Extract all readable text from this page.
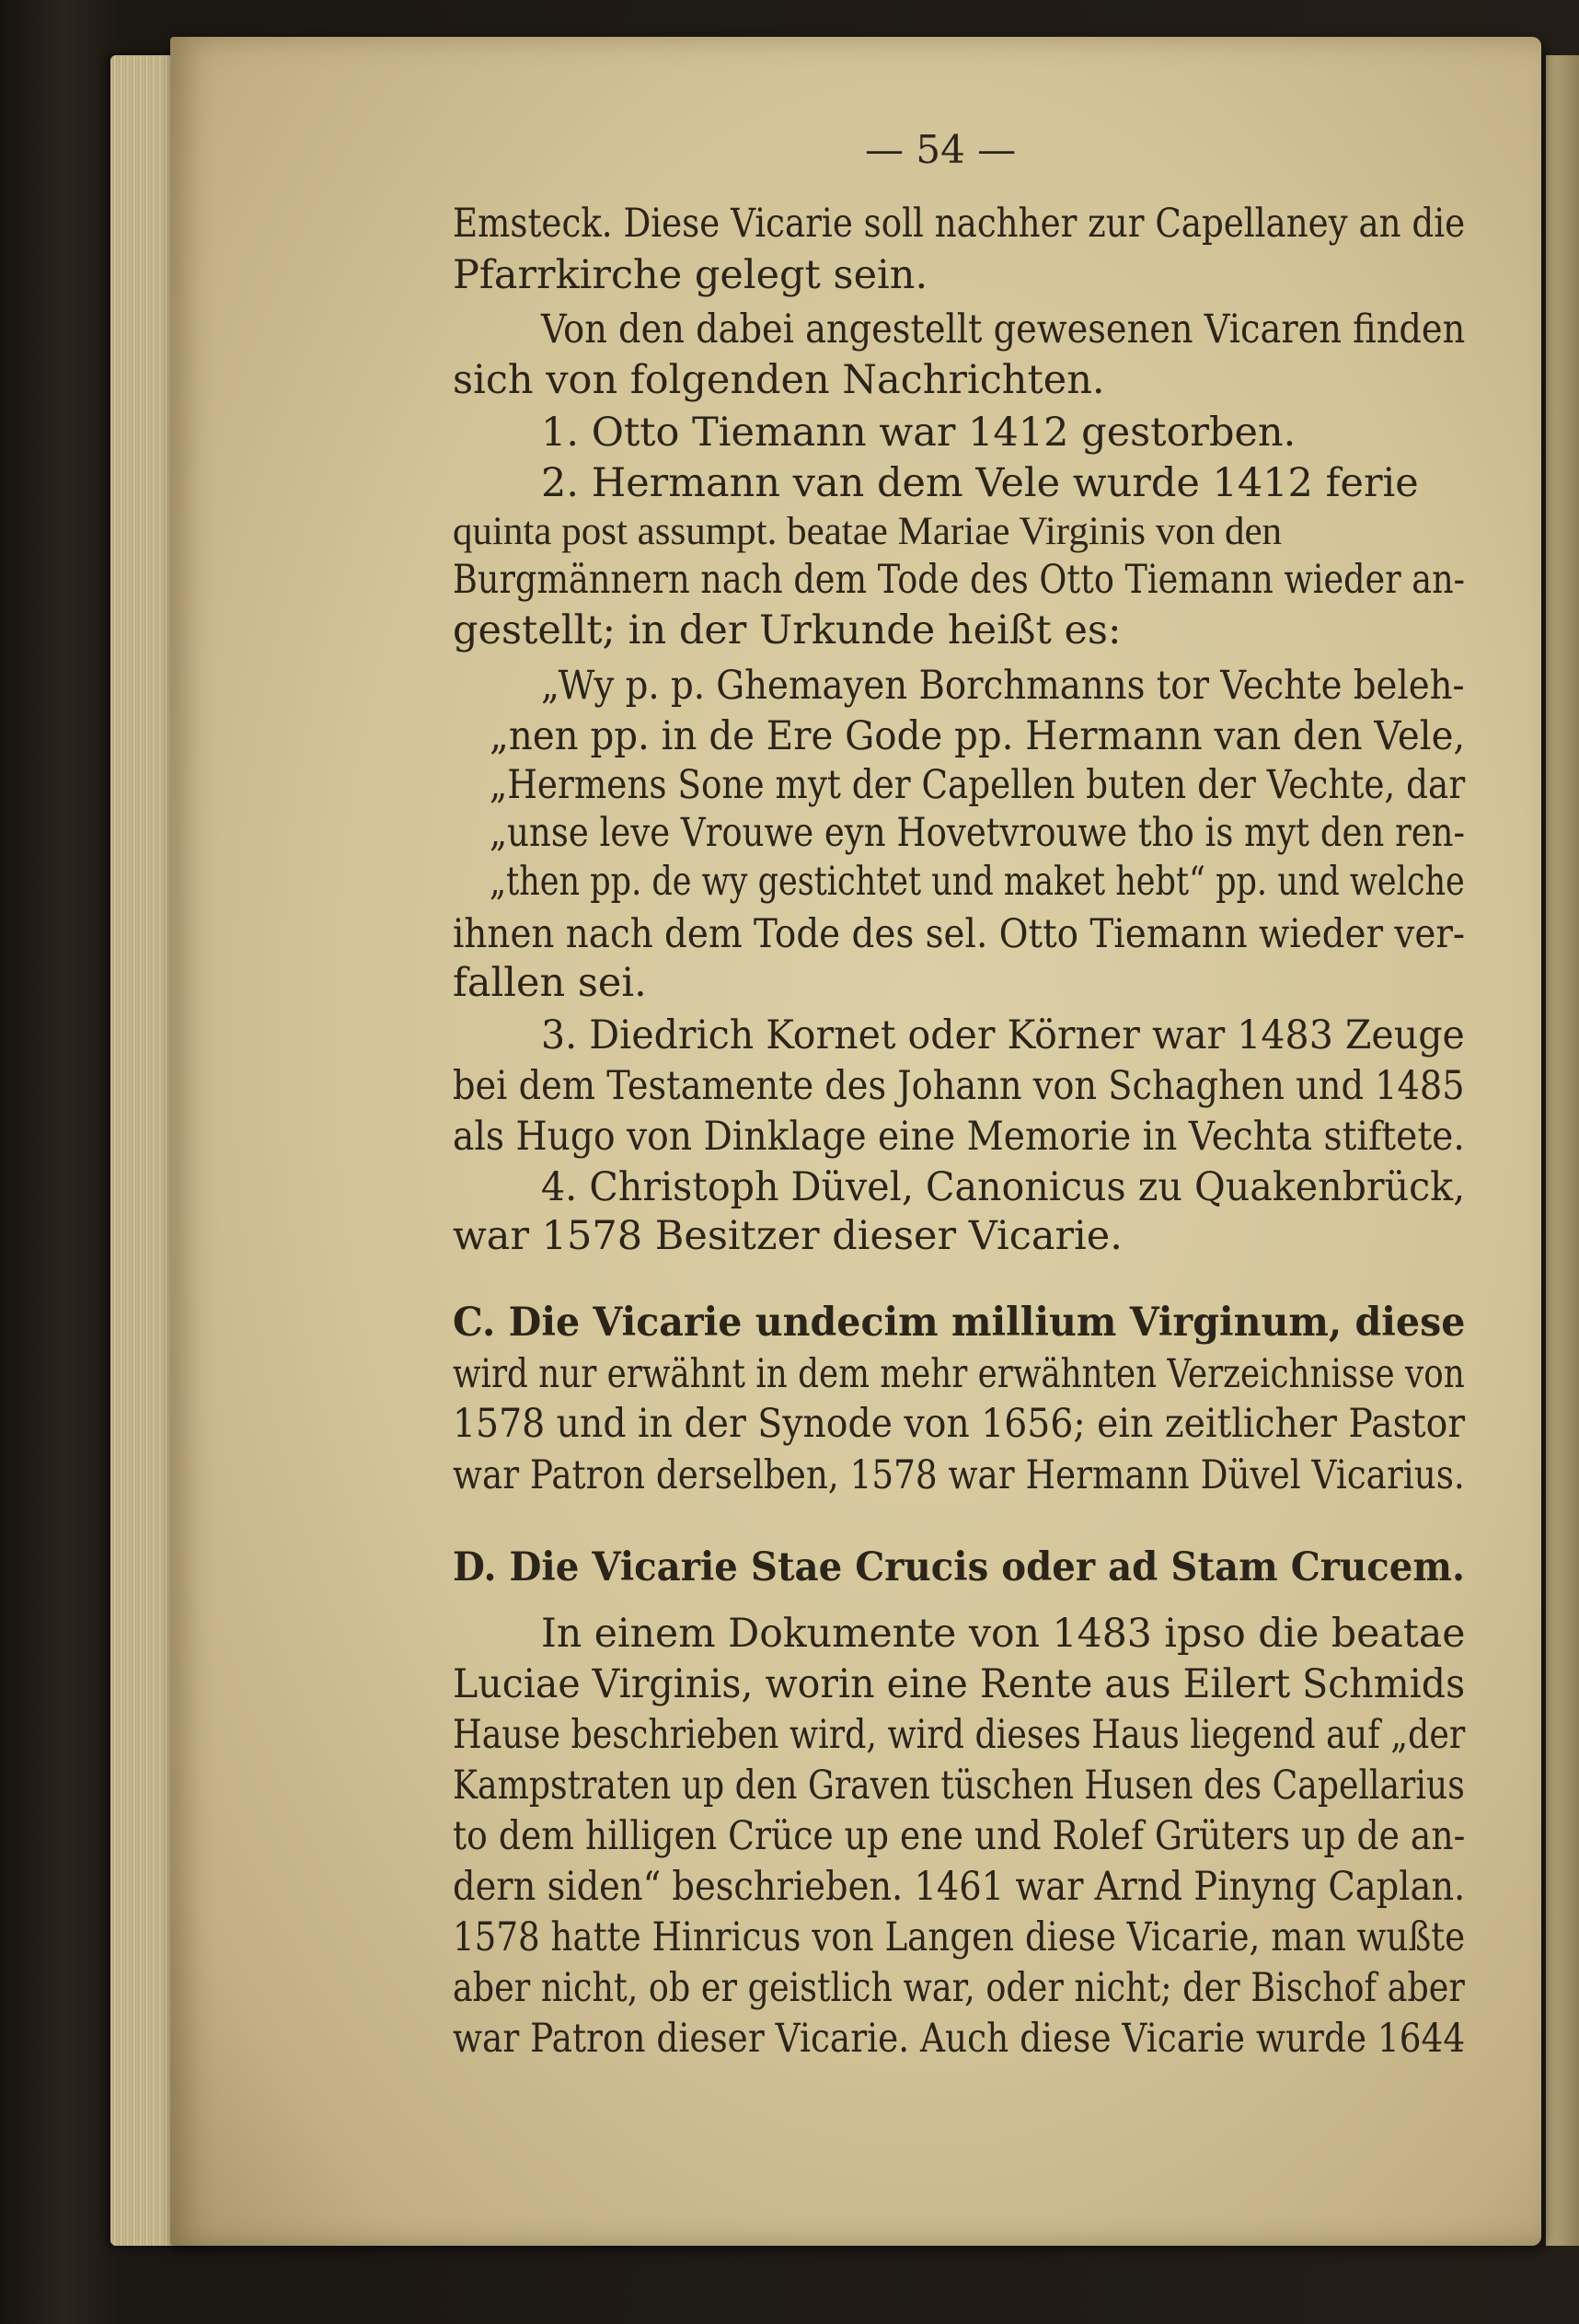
— 54 —
Emsteck. Diese Vicarie soll nachher zur Capellaney an die
Pfarrkirche gelegt sein.
Von den dabei angestellt gewesenen Vicaren finden
sich von folgenden Nachrichten.
1. Otto Tiemann war 1412 gestorben.
2. Hermann van dem Vele wurde 1412 ferie
quinta post assumpt. beatae Mariae Virginis von den
Burgmännern nach dem Tode des Otto Tiemann wieder an-
gestellt; in der Urkunde heißt es:
„Wy p. p. Ghemayen Borchmanns tor Vechte beleh-
„nen pp. in de Ere Gode pp. Hermann van den Vele,
„Hermens Sone myt der Capellen buten der Vechte, dar
„unse leve Vrouwe eyn Hovetvrouwe tho is myt den ren-
„then pp. de wy gestichtet und maket hebt“ pp. und welche
ihnen nach dem Tode des sel. Otto Tiemann wieder ver-
fallen sei.
3. Diedrich Kornet oder Körner war 1483 Zeuge
bei dem Testamente des Johann von Schaghen und 1485
als Hugo von Dinklage eine Memorie in Vechta stiftete.
4. Christoph Düvel, Canonicus zu Quakenbrück,
war 1578 Besitzer dieser Vicarie.
C. Die Vicarie undecim millium Virginum, diese
wird nur erwähnt in dem mehr erwähnten Verzeichnisse von
1578 und in der Synode von 1656; ein zeitlicher Pastor
war Patron derselben, 1578 war Hermann Düvel Vicarius.
D. Die Vicarie Stae Crucis oder ad Stam Crucem.
In einem Dokumente von 1483 ipso die beatae
Luciae Virginis, worin eine Rente aus Eilert Schmids
Hause beschrieben wird, wird dieses Haus liegend auf „der
Kampstraten up den Graven tüschen Husen des Capellarius
to dem hilligen Crüce up ene und Rolef Grüters up de an-
dern siden“ beschrieben. 1461 war Arnd Pinyng Caplan.
1578 hatte Hinricus von Langen diese Vicarie, man wußte
aber nicht, ob er geistlich war, oder nicht; der Bischof aber
war Patron dieser Vicarie. Auch diese Vicarie wurde 1644
